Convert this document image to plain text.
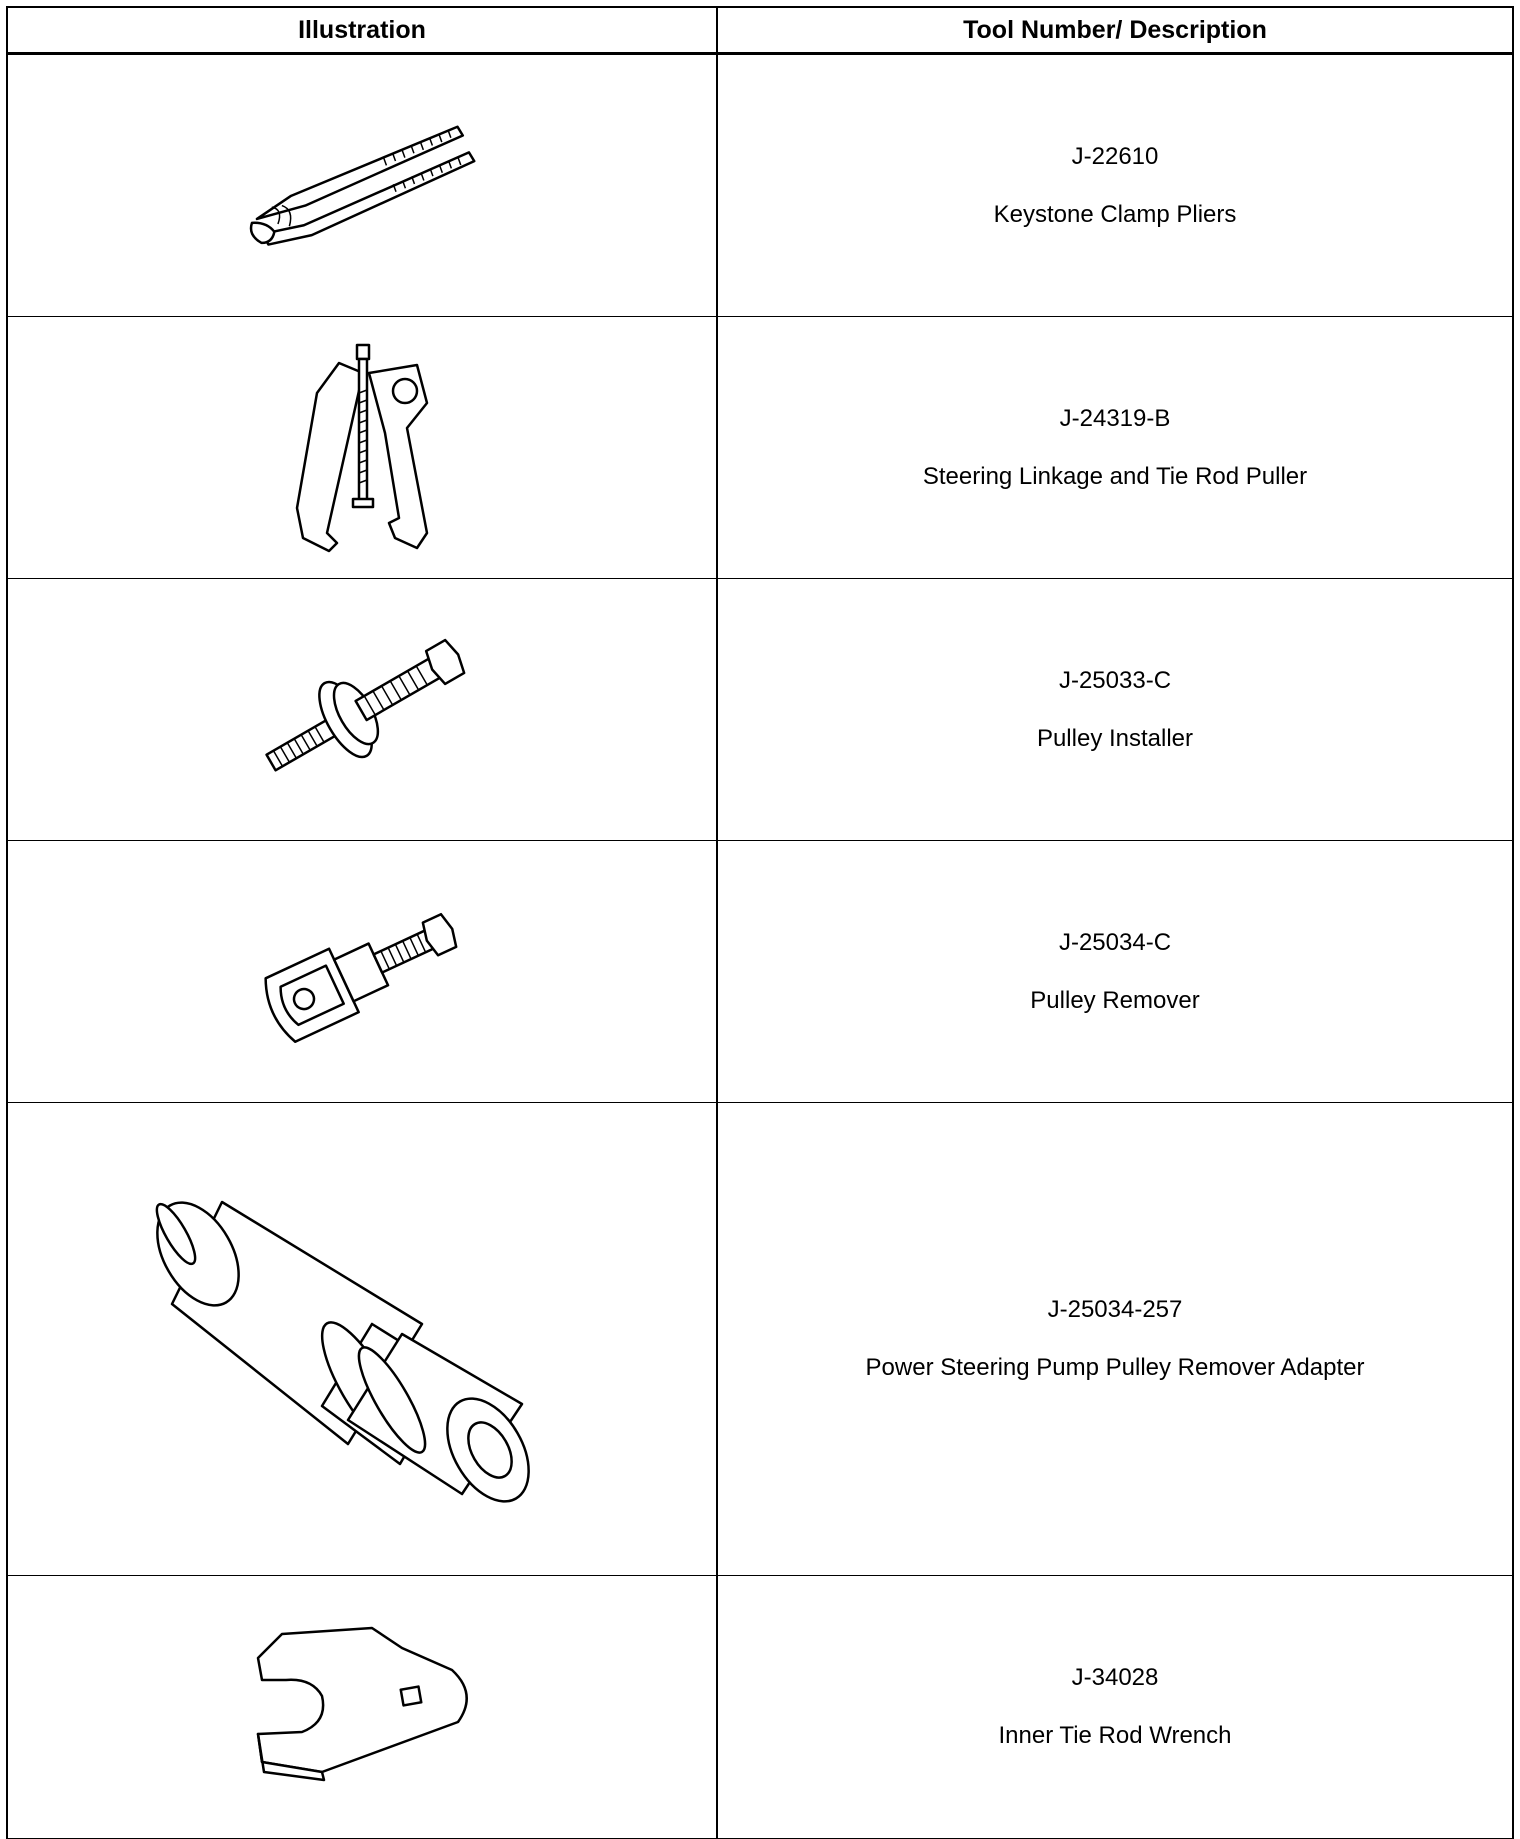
Illustration	Tool Number/ Description

J-22610
Keystone Clamp Pliers

J-24319-B
Steering Linkage and Tie Rod Puller

J-25033-C
Pulley Installer

J-25034-C
Pulley Remover

J-25034-257
Power Steering Pump Pulley Remover Adapter

J-34028
Inner Tie Rod Wrench
